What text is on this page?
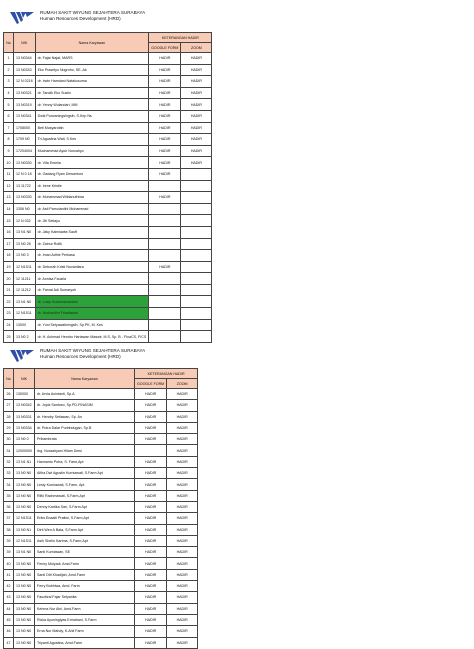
RUMAH SAKIT WIYUNG SEJAHTERA SURABAYA
Human Resources Development (HRD)
No	NIK	Nama Karyawan	KETERANGAN HADIR	
			GOOGLE FORM	ZOOM
1	13 N0344	dr. Fajar Najat, MARS	HADIR	HADIR
2	13 N0343	Eko Prasetyo Nugroho, SE.,Ak	HADIR	HADIR
3	12 N 0218	dr. Irwin Hamdani Natakusuma	HADIR	HADIR
4	13 N0321	dr. Tandik Eko Susilo	HADIR	HADIR
5	13 N0319	dr. Yenny Wulandari, MM	HADIR	HADIR
6	13 N0341	Dwik Purwaningsingsih, S.Kep Ns	HADIR	HADIR
7	1708000	Beti Musyarofah	HADIR	HADIR
8	1709 N0	Tri Agustina Wati, S.Kes	HADIR	HADIR
9	17204004	Muchammad Ayub Nurcahyo	HADIR	HADIR
10	13 N0330	dr. Vita Emelia	HADIR	HADIR
11	12 N 0 18	dr. Gadang Ryan Dewantoro	HADIR	
12	13 11722	dr. Irene Kristie		
13	13 N0330	dr. Muhammad Wildanuthiwa	HADIR	
14	1306 N0	dr. Asti Pamulardini Muhammad		
15	12 N 032	dr. Jiti Setiayu		
16	13 N1 N0	dr. Jaky Kalmiawta Sauft		
17	13 N0 28	dr. Zainur Rofik		
18	13 N0 3	dr. Iman Adhie Perkasa		
19	12 N1S11	dr. Deborah Kristi Novantiara	HADIR	
20	12 11211	dr. Annisa Fauziia		
21	12 11212	dr. Fanrai Adi Sumaryoh		
22	13 N1 N0	dr. Luxiy Kusumawardani		
23	12 N1S11	dr. Nurfiandini Friadtasari		
24	13000	dr. Yuni Setyawatiningsih, Sp.PK, M. Kes		
25	13 N0 2	dr. H. Achmad Hendro Hartawan Maswir, M.S, Sp. B - FInaCS, FICS		
RUMAH SAKIT WIYUNG SEJAHTERA SURABAYA
Human Resources Development (HRD)
No	NIK	Nama Karyawan	KETERANGAN HADIR	
			GOOGLE FORM	ZOOM
26	130000	dr. Arvia Anintanti, Sp.A	HADIR	HADIR
27	13 N0342	dr. Jojok Santoso, Sp.PD-FINASIM	HADIR	HADIR
28	13 N0331	dr. Hendry Setiawan, Sp. An	HADIR	HADIR
29	13 N0334	dr. Putra Dalar Purbindugan, Sp.B	HADIR	HADIR
30	13 N0 0	Pribambrata	HADIR	HADIR
31	12000000	drg. Nuraahyani Hilam Dewi		HADIR
32	13 N1 N1	Harmanto Putra, S. Farm,Apt	HADIR	HADIR
33	13 N0 N0	Alfha Dwi Agustin Kurniawati, S.Farm Apt	HADIR	HADIR
34	13 N0 N0	Lesty Kurniawati, S.Farm, Apt	HADIR	HADIR
35	13 N0 N0	Rifki Rachmawati, S.Farm,Apt	HADIR	HADIR
36	13 N0 N0	Denny Kartika Sari, S.Farm Apt	HADIR	HADIR
37	12 N1S11	Eriks Enaalti Pratiwi, S.Farm,Apt	HADIR	HADIR
38	13 N0 N1	Dirti Wen A Bata, S.Farm Apt	HADIR	HADIR
39	12 N1S11	Asih Sheilo Kartma, S.Farm,Apt	HADIR	HADIR
39	13 N1 N0	Santi Kurniawan, SE	HADIR	HADIR
40	13 N0 N0	Fenny Mulyadi, Amd.Farm	HADIR	HADIR
41	13 N0 N0	Santi Ditt Khadijah, Amd.Farm	HADIR	HADIR
42	13 N0 N0	Ferry Bubhiwa, Amd. Farm	HADIR	HADIR
43	13 N0 N0	Fauztizal Fajar Setyanita	HADIR	HADIR
44	13 N0 N0	Kehma Nur Aini, Amd.Farm	HADIR	HADIR
45	13 N0 N0	Rizka Ayuningtyas Ermahani, S.Farm	HADIR	HADIR
46	13 N0 N0	Erna Nur Mahdy, K.Ahli Farm	HADIR	HADIR
47	13 N0 N0	Triyanti Agustina, Amd.Farm	HADIR	HADIR
